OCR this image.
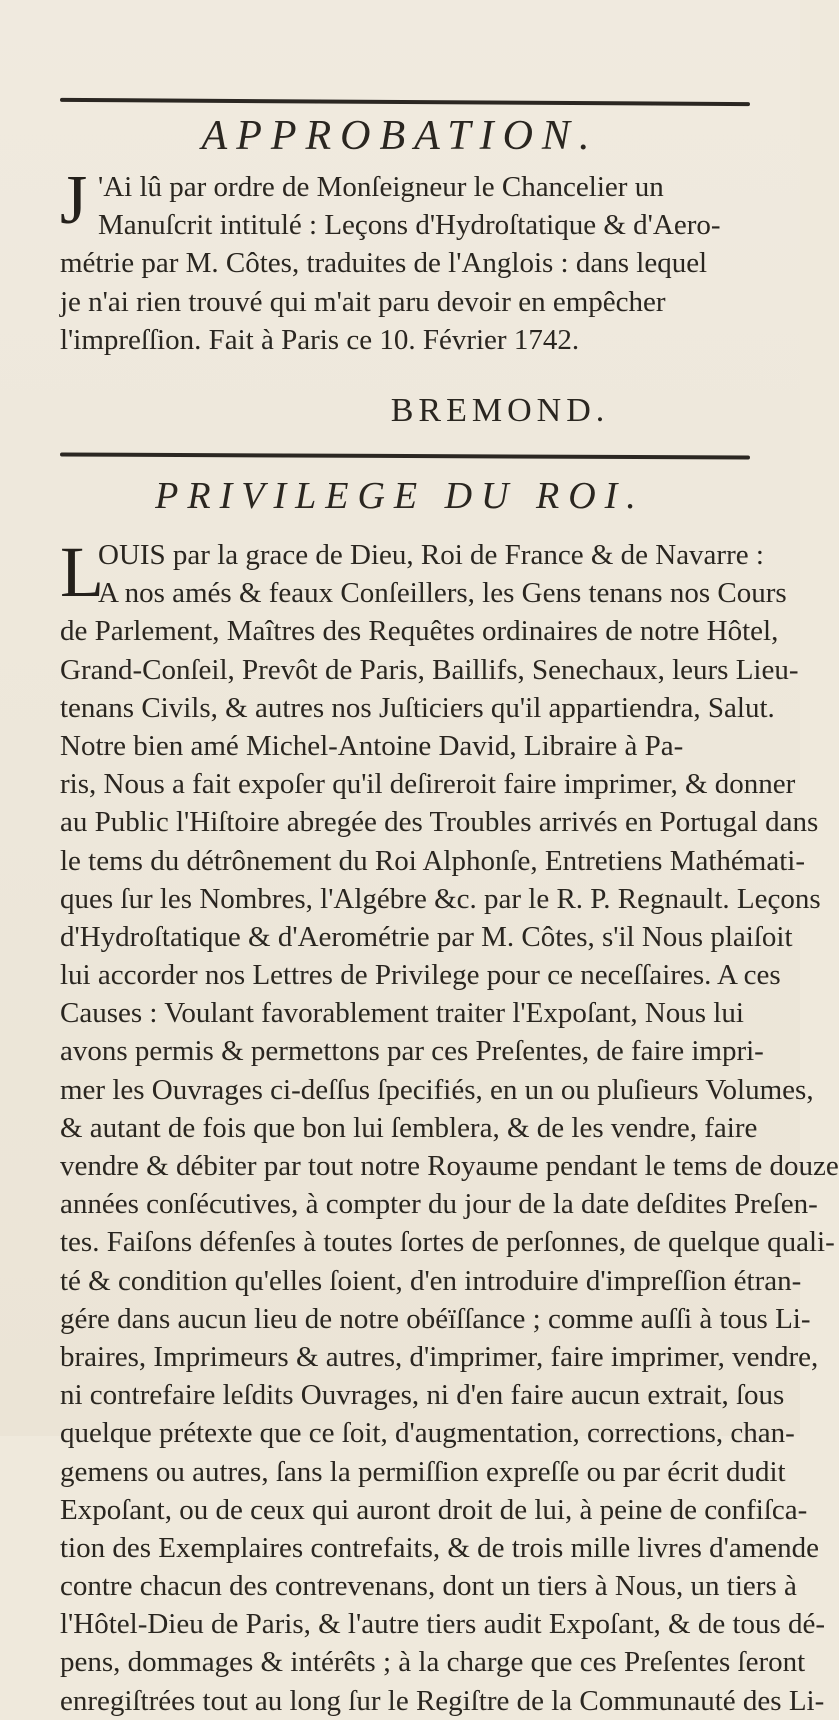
APPROBATION.
J 'Ai lû par ordre de Monſeigneur le Chancelier un
Manuſcrit intitulé : Leçons d'Hydroſtatique & d'Aero-
métrie par M. Côtes, traduites de l'Anglois : dans lequel
je n'ai rien trouvé qui m'ait paru devoir en empêcher
l'impreſſion. Fait à Paris ce 10. Février 1742.
BREMOND.
PRIVILEGE DU ROI.
L
OUIS par la grace de Dieu, Roi de France & de Navarre :
A nos amés & feaux Conſeillers, les Gens tenans nos Cours
de Parlement, Maîtres des Requêtes ordinaires de notre Hôtel,
Grand-Conſeil, Prevôt de Paris, Baillifs, Senechaux, leurs Lieu-
tenans Civils, & autres nos Juſticiers qu'il appartiendra, Salut.
Notre bien amé Michel-Antoine David, Libraire à Pa-
ris, Nous a fait expoſer qu'il deſireroit faire imprimer, & donner
au Public l'Hiſtoire abregée des Troubles arrivés en Portugal dans
le tems du détrônement du Roi Alphonſe, Entretiens Mathémati-
ques ſur les Nombres, l'Algébre &c. par le R. P. Regnault. Leçons
d'Hydroſtatique & d'Aerométrie par M. Côtes, s'il Nous plaiſoit
lui accorder nos Lettres de Privilege pour ce neceſſaires. A ces
Causes : Voulant favorablement traiter l'Expoſant, Nous lui
avons permis & permettons par ces Preſentes, de faire impri-
mer les Ouvrages ci-deſſus ſpecifiés, en un ou pluſieurs Volumes,
& autant de fois que bon lui ſemblera, & de les vendre, faire
vendre & débiter par tout notre Royaume pendant le tems de douze
années conſécutives, à compter du jour de la date deſdites Preſen-
tes. Faiſons défenſes à toutes ſortes de perſonnes, de quelque quali-
té & condition qu'elles ſoient, d'en introduire d'impreſſion étran-
gére dans aucun lieu de notre obéïſſance ; comme auſſi à tous Li-
braires, Imprimeurs & autres, d'imprimer, faire imprimer, vendre,
ni contrefaire leſdits Ouvrages, ni d'en faire aucun extrait, ſous
quelque prétexte que ce ſoit, d'augmentation, corrections, chan-
gemens ou autres, ſans la permiſſion expreſſe ou par écrit dudit
Expoſant, ou de ceux qui auront droit de lui, à peine de confiſca-
tion des Exemplaires contrefaits, & de trois mille livres d'amende
contre chacun des contrevenans, dont un tiers à Nous, un tiers à
l'Hôtel-Dieu de Paris, & l'autre tiers audit Expoſant, & de tous dé-
pens, dommages & intérêts ; à la charge que ces Preſentes ſeront
enregiſtrées tout au long ſur le Regiſtre de la Communauté des Li-
